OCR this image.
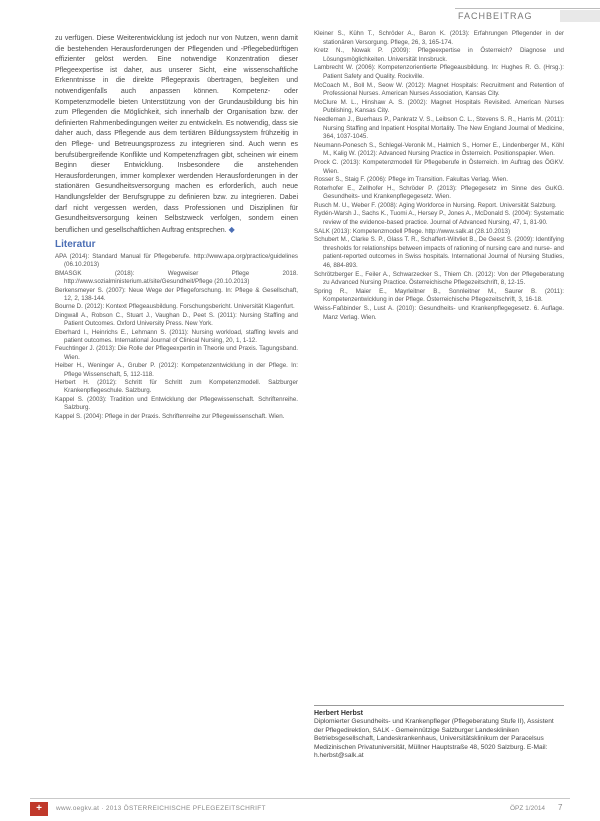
FACHBEITRAG

zu verfügen. Diese Weiterentwicklung ist jedoch nur von Nutzen, wenn damit die bestehenden Herausforderungen der Pflegenden und -Pflegebedürftigen effizienter gelöst werden. Eine notwendige Konzentration dieser Pflegeexpertise ist daher, aus unserer Sicht, eine wissenschaftliche Erkenntnisse in die direkte Pflegepraxis übertragen, begleiten und notwendigenfalls auch anpassen können. Kompetenz- oder Kompetenzmodelle bieten Unterstützung von der Grundausbildung bis hin zum Pflegenden die Möglichkeit, sich innerhalb der Organisation bzw. der definierten Rahmenbedingungen weiter zu entwickeln. Es notwendig, dass sie daher auch, dass Pflegende aus dem tertiären Bildungssystem frühzeitig in den Pflege- und Betreuungsprozess zu integrieren sind. Auch wenn es berufsübergreifende Konflikte und Kompetenzfragen gibt, scheinen wir einem Beginn dieser Entwicklung. Insbesondere die anstehenden Herausforderungen, immer komplexer werdenden Herausforderungen in der stationären Gesundheitsversorgung machen es erforderlich, auch neue Handlungsfelder der Berufsgruppe zu definieren bzw. zu integrieren. Dabei darf nicht vergessen werden, dass Professionen und Disziplinen für Gesundheitsversorgung keinen Selbstzweck verfolgen, sondern einen beruflichen und gesellschaftlichen Auftrag entsprechen. ◆

Literatur

APA (2014): Standard Manual für Pflegeberufe. http://www.apa.org/practice/guidelines (06.10.2013)

BMASGK (2018): Wegweiser Pflege 2018. http://www.sozialministerium.at/site/Gesundheit/Pflege (20.10.2013)

Berkensmeyer S. (2007): Neue Wege der Pflegeforschung. In: Pflege & Gesellschaft, 12, 2, 138-144.

Bourne D. (2012): Kontext Pflegeausbildung. Forschungsbericht. Universität Klagenfurt.

Dingwall A., Robson C., Stuart J., Vaughan D., Peet S. (2011): Nursing Staffing and Patient Outcomes. Oxford University Press. New York.

Eberhard I., Heinrichs E., Lehmann S. (2011): Nursing workload, staffing levels and patient outcomes. International Journal of Clinical Nursing, 20, 1, 1-12.

Feuchtinger J. (2013): Die Rolle der Pflegeexpertin in Theorie und Praxis. Tagungsband. Wien.

Heiber H., Weninger A., Gruber P. (2012): Kompetenzentwicklung in der Pflege. In: Pflege Wissenschaft, 5, 112-118.

Herbert H. (2012): Schritt für Schritt zum Kompetenzmodell. Salzburger Krankenpflegeschule. Salzburg.

Kappel S. (2003): Tradition und Entwicklung der Pflegewissenschaft. Schriftenreihe. Salzburg.

Kappel S. (2004): Pflege in der Praxis. Schriftenreihe zur Pflegewissenschaft. Wien.

Kleiner S., Kühn T., Schröder A., Baron K. (2013): Erfahrungen Pflegender in der stationären Versorgung. Pflege, 26, 3, 165-174.

Kretz N., Nowak P. (2009): Pflegeexpertise in Österreich? Diagnose und Lösungsmöglichkeiten. Universität Innsbruck.

Lambrecht W. (2006): Kompetenzorientierte Pflegeausbildung. In: Hughes R. G. (Hrsg.): Patient Safety and Quality. Rockville.

McCoach M., Boll M., Seow W. (2012): Magnet Hospitals: Recruitment and Retention of Professional Nurses. American Nurses Association, Kansas City.

McClure M. L., Hinshaw A. S. (2002): Magnet Hospitals Revisited. American Nurses Publishing, Kansas City.

Needleman J., Buerhaus P., Pankratz V. S., Leibson C. L., Stevens S. R., Harris M. (2011): Nursing Staffing and Inpatient Hospital Mortality. The New England Journal of Medicine, 364, 1037-1045.

Neumann-Ponesch S., Schlegel-Veronik M., Halmich S., Horner E., Lindenberger M., Köhl M., Kalig W. (2012): Advanced Nursing Practice in Österreich. Positionspapier. Wien.

Prock C. (2013): Kompetenzmodell für Pflegeberufe in Österreich. Im Auftrag des ÖGKV. Wien.

Rosser S., Staig F. (2006): Pflege im Transition. Fakultas Verlag. Wien.

Roterhofer E., Zellhofer H., Schröder P. (2013): Pflegegesetz im Sinne des GuKG. Gesundheits- und Krankenpflegegesetz. Wien.

Rusch M. U., Weber F. (2008): Aging Workforce in Nursing. Report. Universität Salzburg.

Rydén-Warsh J., Sachs K., Tuomi A., Hersey P., Jones A., McDonald S. (2004): Systematic review of the evidence-based practice. Journal of Advanced Nursing, 47, 1, 81-90.

SALK (2013): Kompetenzmodell Pflege. http://www.salk.at (28.10.2013)

Schubert M., Clarke S. P., Glass T. R., Schaffert-Witvliet B., De Geest S. (2009): Identifying thresholds for relationships between impacts of rationing of nursing care and nurse- and patient-reported outcomes in Swiss hospitals. International Journal of Nursing Studies, 46, 884-893.

Schrötzberger E., Feiler A., Schwarzecker S., Thiem Ch. (2012): Von der Pflegeberatung zu Advanced Nursing Practice. Österreichische Pflegezeitschrift, 8, 12-15.

Spring R., Maier E., Mayrleitner B., Sonnleitner M., Saurer B. (2011): Kompetenzentwicklung in der Pflege. Österreichische Pflegezeitschrift, 3, 16-18.

Weiss-Faßbinder S., Lust A. (2010): Gesundheits- und Krankenpflegegesetz. 6. Auflage. Manz Verlag. Wien.

Herbert Herbst

Diplomierter Gesundheits- und Krankenpfleger (Pflegeberatung Stufe II), Assistent der Pflegedirektion, SALK - Gemeinnützige Salzburger Landeskliniken Betriebsgesellschaft, Landeskrankenhaus, Universitätsklinikum der Paracelsus Medizinischen Privatuniversität, Müllner Hauptstraße 48, 5020 Salzburg. E-Mail: h.herbst@salk.at

+	www.oegkv.at · 2013 ÖSTERREICHISCHE PFLEGEZEITSCHRIFT	ÖPZ 1/2014 7
